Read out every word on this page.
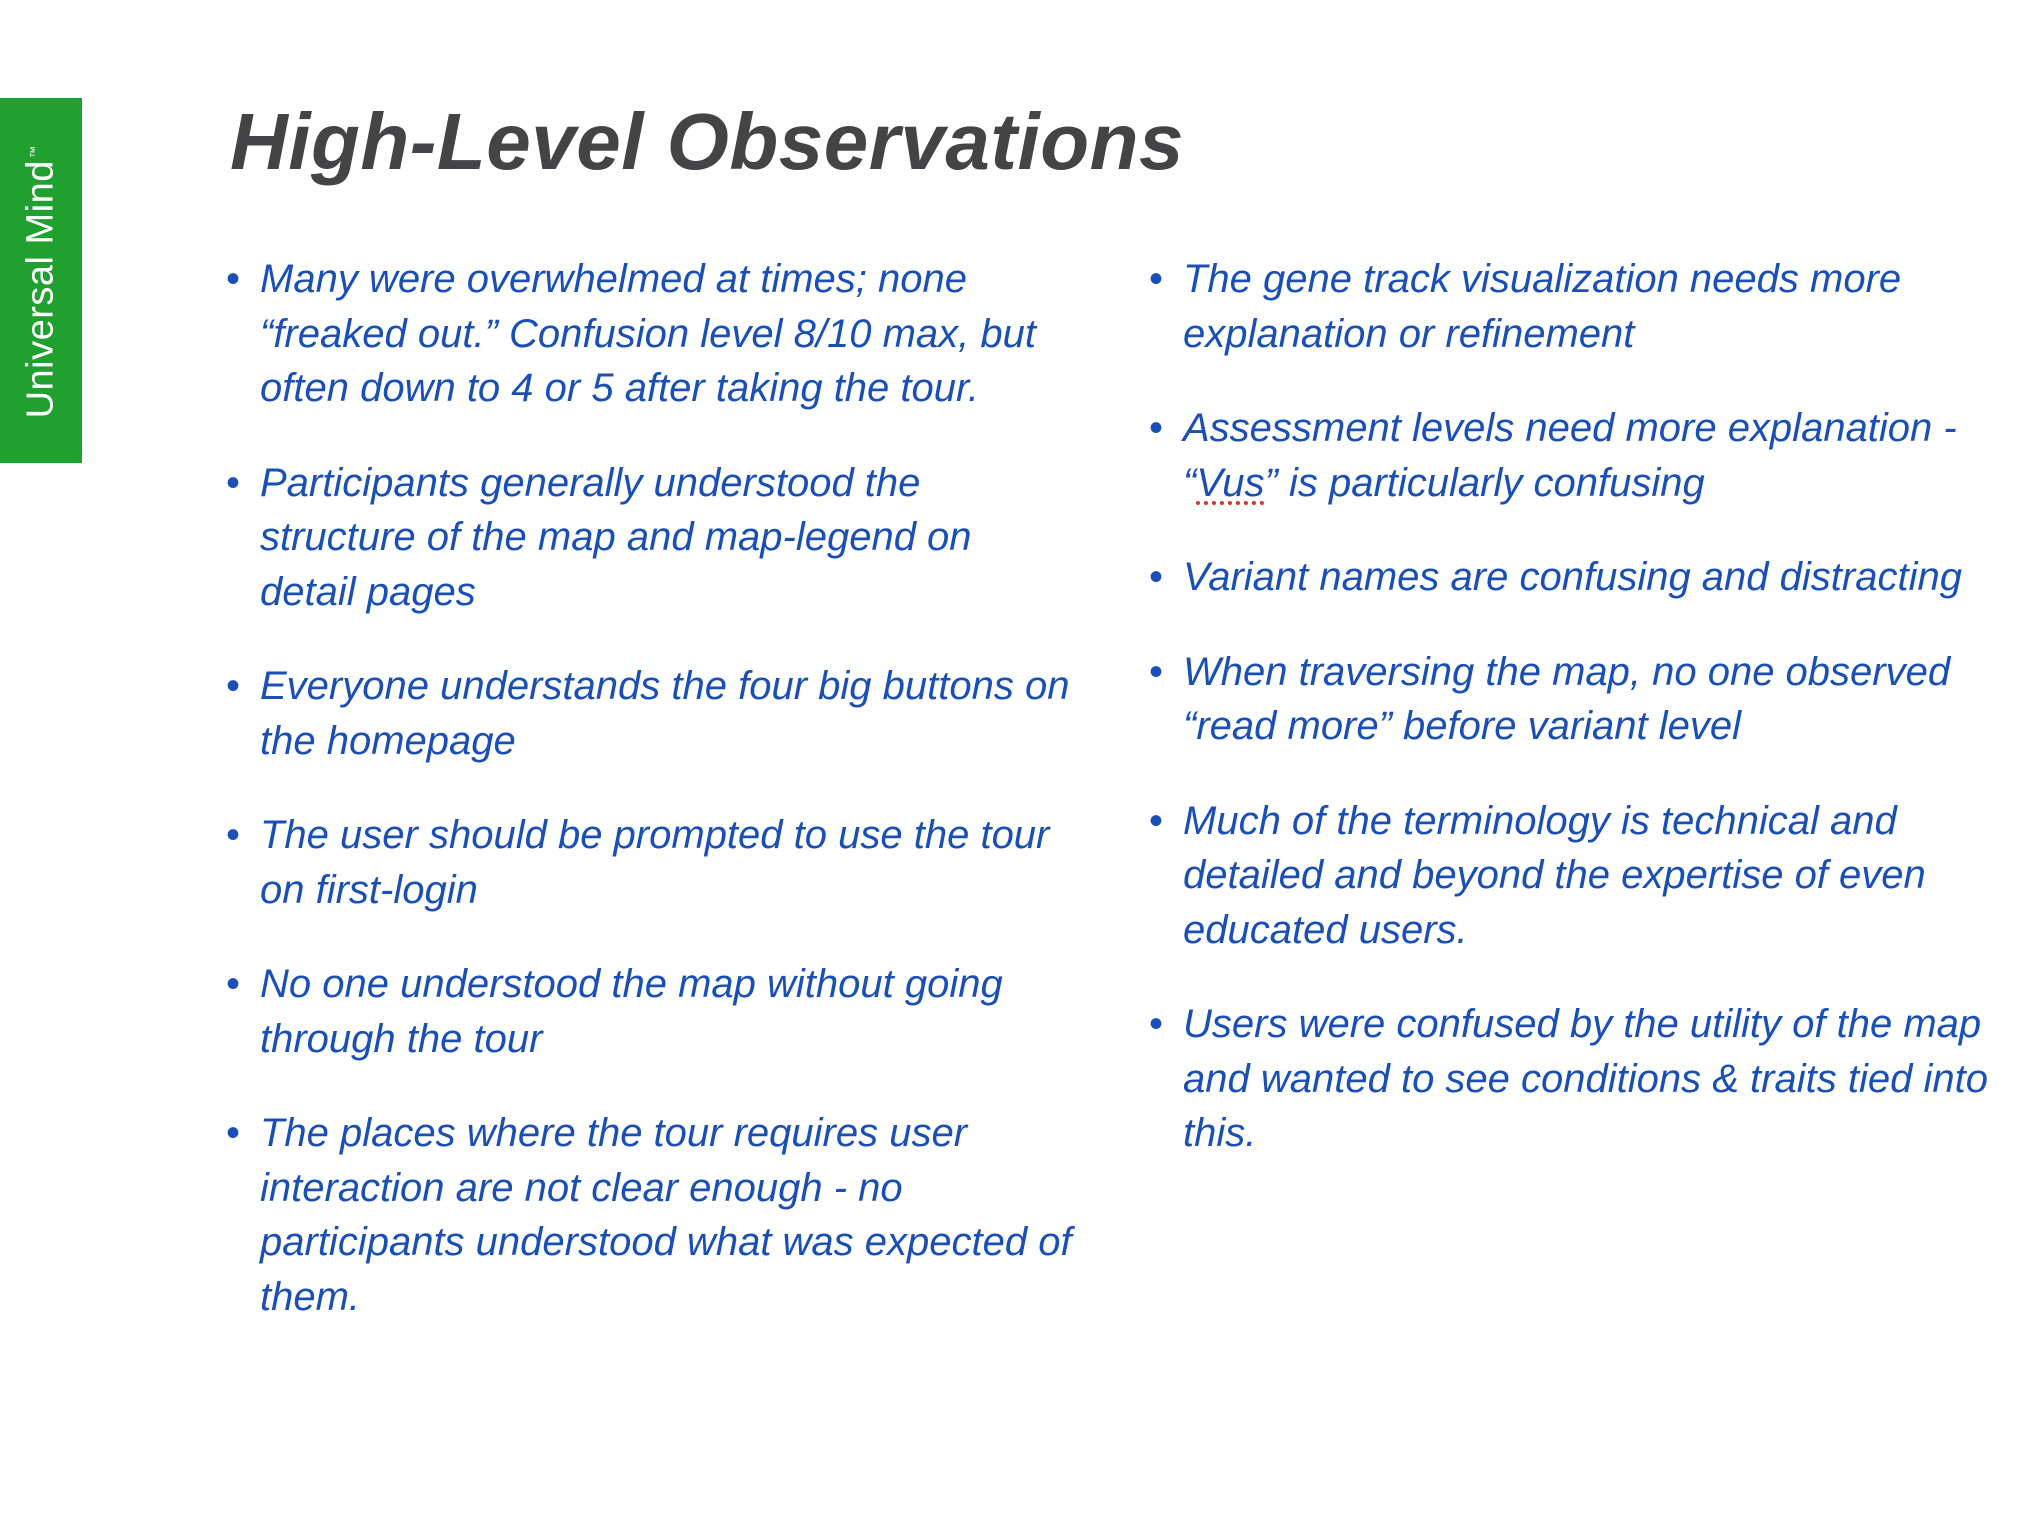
Universal Mind™ High-Level Observations
• Many were overwhelmed at times; none “freaked out.” Confusion level 8/10 max, but often down to 4 or 5 after taking the tour.
• Participants generally understood the structure of the map and map-legend on detail pages
• Everyone understands the four big buttons on the homepage
• The user should be prompted to use the tour on first-login
• No one understood the map without going through the tour
• The places where the tour requires user interaction are not clear enough - no participants understood what was expected of them.
• The gene track visualization needs more explanation or refinement
• Assessment levels need more explanation - “Vus” is particularly confusing
• Variant names are confusing and distracting
• When traversing the map, no one observed “read more” before variant level
• Much of the terminology is technical and detailed and beyond the expertise of even educated users.
• Users were confused by the utility of the map and wanted to see conditions & traits tied into this.
